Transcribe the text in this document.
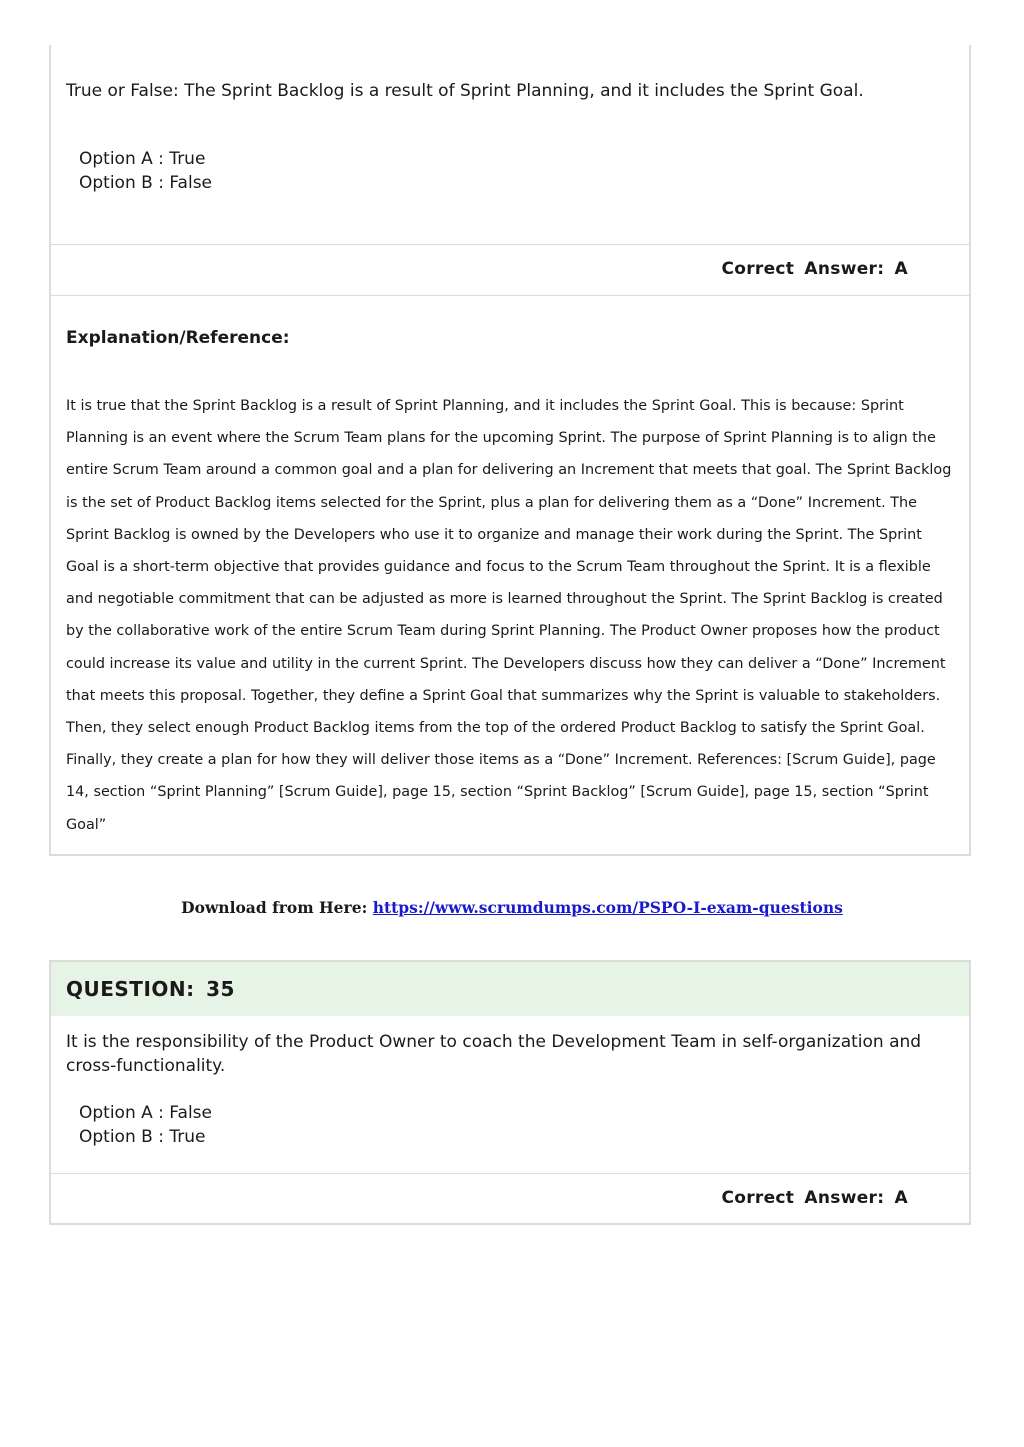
True or False: The Sprint Backlog is a result of Sprint Planning, and it includes the Sprint Goal.
Option A : True
Option B : False
Correct Answer: A
Explanation/Reference:
It is true that the Sprint Backlog is a result of Sprint Planning, and it includes the Sprint Goal. This is because: Sprint Planning is an event where the Scrum Team plans for the upcoming Sprint. The purpose of Sprint Planning is to align the entire Scrum Team around a common goal and a plan for delivering an Increment that meets that goal. The Sprint Backlog is the set of Product Backlog items selected for the Sprint, plus a plan for delivering them as a “Done” Increment. The Sprint Backlog is owned by the Developers who use it to organize and manage their work during the Sprint. The Sprint Goal is a short-term objective that provides guidance and focus to the Scrum Team throughout the Sprint. It is a flexible and negotiable commitment that can be adjusted as more is learned throughout the Sprint. The Sprint Backlog is created by the collaborative work of the entire Scrum Team during Sprint Planning. The Product Owner proposes how the product could increase its value and utility in the current Sprint. The Developers discuss how they can deliver a “Done” Increment that meets this proposal. Together, they define a Sprint Goal that summarizes why the Sprint is valuable to stakeholders. Then, they select enough Product Backlog items from the top of the ordered Product Backlog to satisfy the Sprint Goal. Finally, they create a plan for how they will deliver those items as a “Done” Increment. References: [Scrum Guide], page 14, section “Sprint Planning” [Scrum Guide], page 15, section “Sprint Backlog” [Scrum Guide], page 15, section “Sprint Goal”
Download from Here: https://www.scrumdumps.com/PSPO-I-exam-questions
QUESTION: 35
It is the responsibility of the Product Owner to coach the Development Team in self-organization and cross-functionality.
Option A : False
Option B : True
Correct Answer: A
